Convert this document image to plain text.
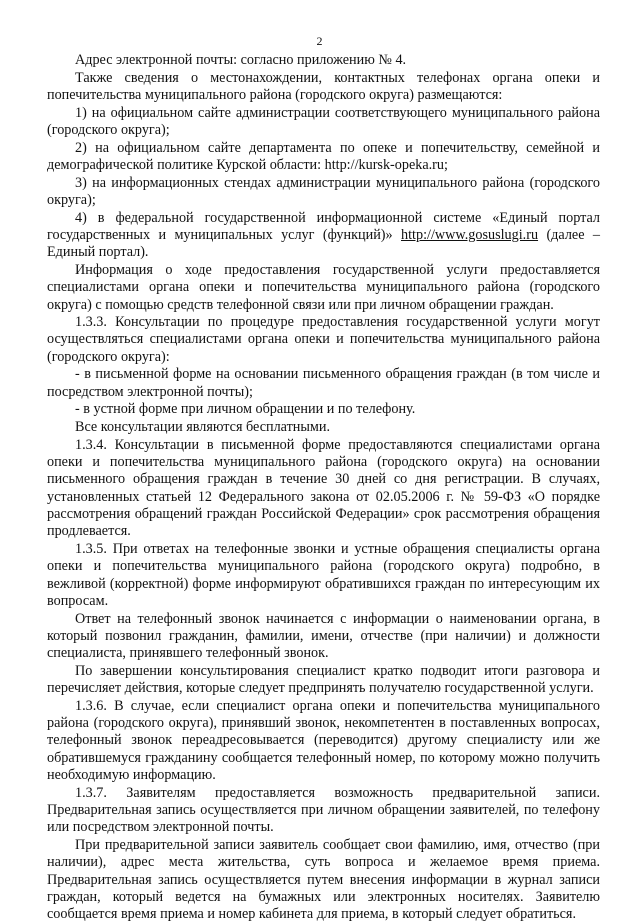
2

Адрес электронной почты: согласно приложению № 4.

Также сведения о местонахождении, контактных телефонах органа опеки и попечительства муниципального района (городского округа) размещаются:

1) на официальном сайте администрации соответствующего муниципального района (городского округа);

2) на официальном сайте департамента по опеке и попечительству, семейной и демографической политике Курской области: http://kursk-opeka.ru;

3) на информационных стендах администрации муниципального района (городского округа);

4) в федеральной государственной информационной системе «Единый портал государственных и муниципальных услуг (функций)» http://www.gosuslugi.ru (далее – Единый портал).

Информация о ходе предоставления государственной услуги предоставляется специалистами органа опеки и попечительства муниципального района (городского округа) с помощью средств телефонной связи или при личном обращении граждан.

1.3.3. Консультации по процедуре предоставления государственной услуги могут осуществляться специалистами органа опеки и попечительства муниципального района (городского округа):

- в письменной форме на основании письменного обращения граждан (в том числе и посредством электронной почты);

- в устной форме при личном обращении и по телефону.

Все консультации являются бесплатными.

1.3.4. Консультации в письменной форме предоставляются специалистами органа опеки и попечительства муниципального района (городского округа) на основании письменного обращения граждан в течение 30 дней со дня регистрации. В случаях, установленных статьей 12 Федерального закона от 02.05.2006 г. № 59-ФЗ «О порядке рассмотрения обращений граждан Российской Федерации» срок рассмотрения обращения продлевается.

1.3.5. При ответах на телефонные звонки и устные обращения специалисты органа опеки и попечительства муниципального района (городского округа) подробно, в вежливой (корректной) форме информируют обратившихся граждан по интересующим их вопросам.

Ответ на телефонный звонок начинается с информации о наименовании органа, в который позвонил гражданин, фамилии, имени, отчестве (при наличии) и должности специалиста, принявшего телефонный звонок.

По завершении консультирования специалист кратко подводит итоги разговора и перечисляет действия, которые следует предпринять получателю государственной услуги.

1.3.6. В случае, если специалист органа опеки и попечительства муниципального района (городского округа), принявший звонок, некомпетентен в поставленных вопросах, телефонный звонок переадресовывается (переводится) другому специалисту или же обратившемуся гражданину сообщается телефонный номер, по которому можно получить необходимую информацию.

1.3.7. Заявителям предоставляется возможность предварительной записи. Предварительная запись осуществляется при личном обращении заявителей, по телефону или посредством электронной почты.

При предварительной записи заявитель сообщает свои фамилию, имя, отчество (при наличии), адрес места жительства, суть вопроса и желаемое время приема. Предварительная запись осуществляется путем внесения информации в журнал записи граждан, который ведется на бумажных или электронных носителях. Заявителю сообщается время приема и номер кабинета для приема, в который следует обратиться.
